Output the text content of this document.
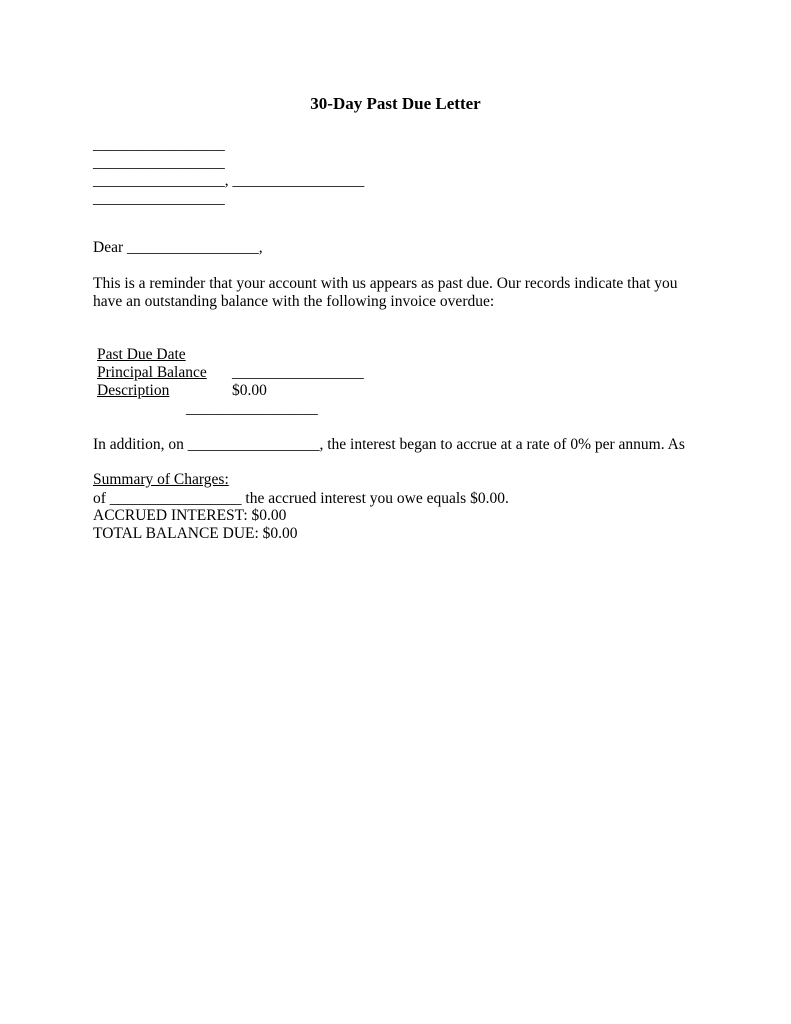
30-Day Past Due Letter
_________________
_________________
_________________, _________________
_________________
Dear _________________,
This is a reminder that your account with us appears as past due. Our records indicate that you have an outstanding balance with the following invoice overdue:

Past Due Date

_________________

Principal Balance

$0.00

Description

_________________

In addition, on _________________, the interest began to accrue at a rate of 0% per annum. As

of _________________ the accrued interest you owe equals $0.00.

Summary of Charges:
ACCRUED INTEREST: $0.00
TOTAL BALANCE DUE: $0.00
